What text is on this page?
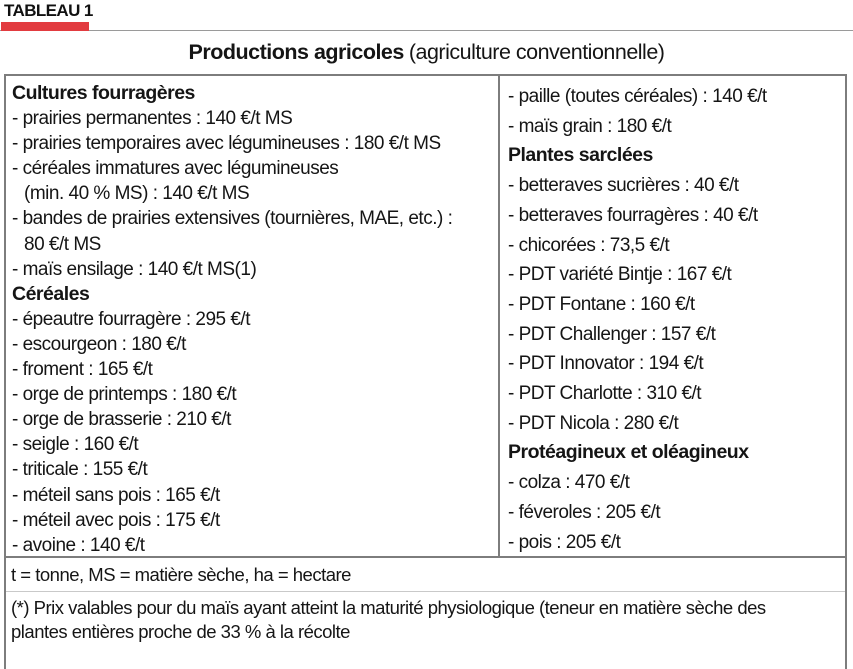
TABLEAU 1
Productions agricoles (agriculture conventionnelle)
Cultures fourragères
- prairies permanentes : 140 €/t MS
- prairies temporaires avec légumineuses : 180 €/t MS
- céréales immatures avec légumineuses
(min. 40 % MS) : 140 €/t MS
- bandes de prairies extensives (tournières, MAE, etc.) :
80 €/t MS
- maïs ensilage : 140 €/t MS(1)
Céréales
- épeautre fourragère : 295 €/t
- escourgeon : 180 €/t
- froment : 165 €/t
- orge de printemps : 180 €/t
- orge de brasserie : 210 €/t
- seigle : 160 €/t
- triticale : 155 €/t
- méteil sans pois : 165 €/t
- méteil avec pois : 175 €/t
- avoine : 140 €/t
- paille (toutes céréales) : 140 €/t
- maïs grain : 180 €/t
Plantes sarclées
- betteraves sucrières : 40 €/t
- betteraves fourragères : 40 €/t
- chicorées : 73,5 €/t
- PDT variété Bintje : 167 €/t
- PDT Fontane : 160 €/t
- PDT Challenger : 157 €/t
- PDT Innovator : 194 €/t
- PDT Charlotte : 310 €/t
- PDT Nicola : 280 €/t
Protéagineux et oléagineux
- colza : 470 €/t
- féveroles : 205 €/t
- pois : 205 €/t
t = tonne, MS = matière sèche, ha = hectare
(*) Prix valables pour du maïs ayant atteint la maturité physiologique (teneur en matière sèche des plantes entières proche de 33 % à la récolte
